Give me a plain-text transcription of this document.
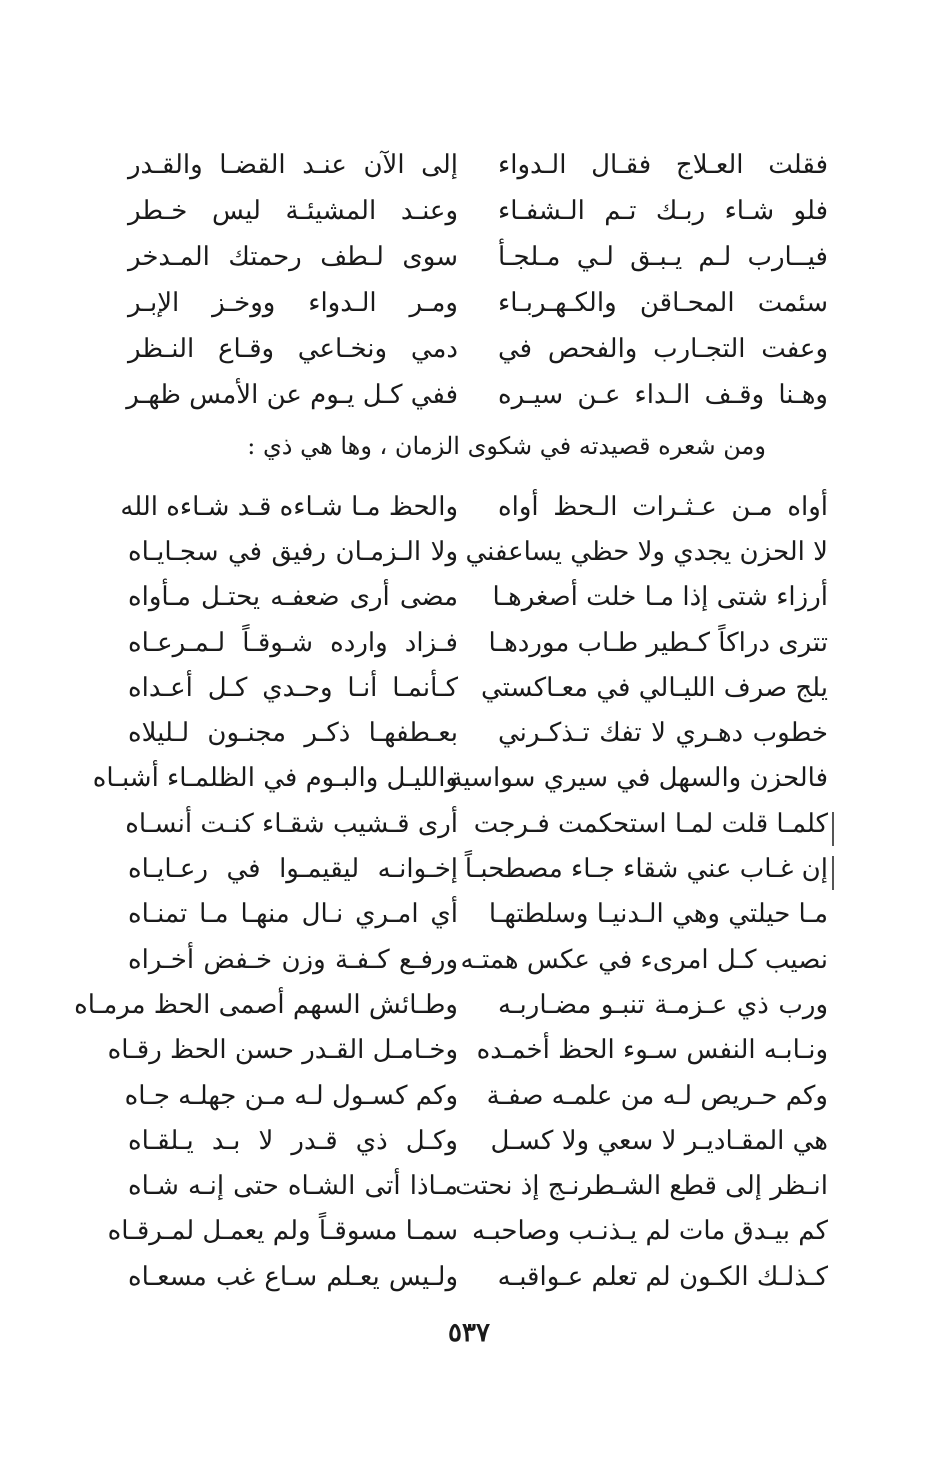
فقلت العـلاج فقـال الـدواء
إلى الآن عنـد القضـا والقـدر
فلو شـاء ربـك تـم الـشفـاء
وعنـد المشيئـة ليس خـطر
فيــارب لـم يـبـق لـي مـلجـأ
سوى لـطف رحمتك المـدخر
سئمت المحـاقن والكـهـربـاء
ومـر الـدواء ووخـز الإبـر
وعفت التجـارب والفحص في
دمي ونخـاعي وقـاع النـظر
وهـنا وقـف الـداء عـن سيـره
ففي كـل يـوم عن الأمس ظهـر
ومن شعره قصيدته في شكوى الزمان ، وها هي ذي :
أواه مـن عـثـرات الـحظ أواه
والحظ مـا شـاءه قـد شـاءه الله
لا الحزن يجدي ولا حظي يساعفني
ولا الـزمـان رفيق في سجـايـاه
أرزاء شتى إذا مـا خلت أصغرهـا
مضى أرى ضعفـه يحتـل مـأواه
تترى دراكاً كـطير طـاب موردهـا
فـزاد وارده شـوقـاً لـمـرعـاه
يلج صرف الليـالي في معـاكستي
كـأنمـا أنـا وحـدي كـل أعـداه
خطوب دهـري لا تفك تـذكـرني
بعـطفهـا ذكـر مجنـون لـليلاه
فالحزن والسهل في سيري سواسية
والليـل والبـوم في الظلمـاء أشبـاه
كلمـا قلت لمـا استحكمت فـرجت
أرى قـشيب شقـاء كنـت أنسـاه
إن غـاب عني شقاء جـاء مصطحبـاً
إخـوانـه ليقيمـوا في رعـايـاه
مـا حيلتي وهي الـدنيـا وسلطتهـا
أي امـري نـال منهـا مـا تمنـاه
نصيب كـل امرىء في عكس همتـه
ورفـع كـفـة وزن خـفض أخـراه
ورب ذي عـزمـة تنبـو مضـاربـه
وطـائش السهم أصمى الحظ مرمـاه
ونـابـه النفس سـوء الحظ أخمـده
وخـامـل القـدر حسن الحظ رقـاه
وكم حـريص لـه من علمـه صفـة
وكم كسـول لـه مـن جهلـه جـاه
هي المقـاديـر لا سعي ولا كسـل
وكـل ذي قـدر لا بـد يـلقـاه
انـظر إلى قطع الشـطرنـج إذ نحتت
مـاذا أتى الشـاه حتى إنـه شـاه
كم بيـدق مات لم يـذنـب وصاحبـه
سمـا مسوقـاً ولم يعمـل لمـرقـاه
كـذلـك الكـون لم تعلم عـواقبـه
ولـيس يعـلم سـاع غب مسعـاه
٥٣٧
